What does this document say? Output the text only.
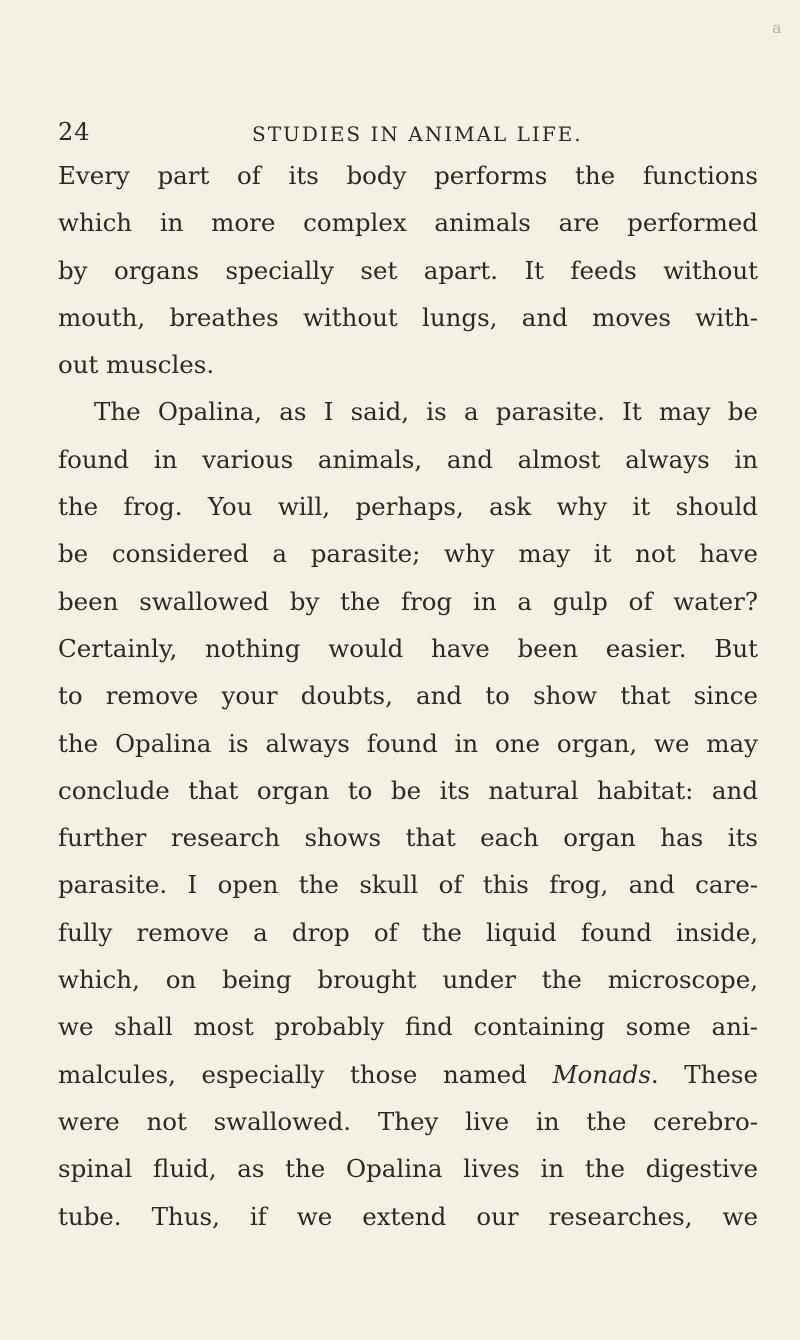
a
24	STUDIES IN ANIMAL LIFE.
Every part of its body performs the functions
which in more complex animals are performed
by organs specially set apart. It feeds without
mouth, breathes without lungs, and moves with-
out muscles.
The Opalina, as I said, is a parasite. It may be
found in various animals, and almost always in
the frog. You will, perhaps, ask why it should
be considered a parasite; why may it not have
been swallowed by the frog in a gulp of water?
Certainly, nothing would have been easier. But
to remove your doubts, and to show that since
the Opalina is always found in one organ, we may
conclude that organ to be its natural habitat: and
further research shows that each organ has its
parasite. I open the skull of this frog, and care-
fully remove a drop of the liquid found inside,
which, on being brought under the microscope,
we shall most probably find containing some ani-
malcules, especially those named Monads. These
were not swallowed. They live in the cerebro-
spinal fluid, as the Opalina lives in the digestive
tube. Thus, if we extend our researches, we
